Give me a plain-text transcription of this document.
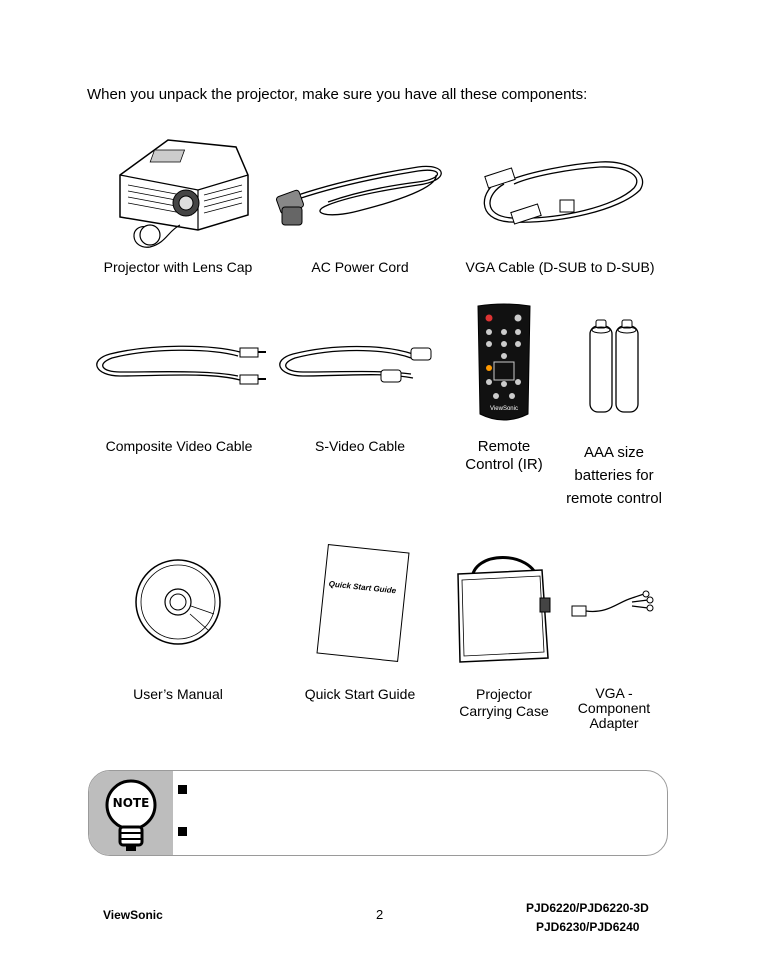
When you unpack the projector, make sure you have all these components:
Projector with Lens Cap	AC Power Cord	VGA Cable (D-SUB to D-SUB)
ViewSonic
Composite Video Cable	S-Video Cable	Remote
Control (IR)
AAA size
batteries for
remote control
Quick Start Guide
User’s Manual	Quick Start Guide	Projector
Carrying Case
VGA -
Component
Adapter
NOTE
ViewSonic	2	PJD6220/PJD6220-3D
PJD6230/PJD6240
